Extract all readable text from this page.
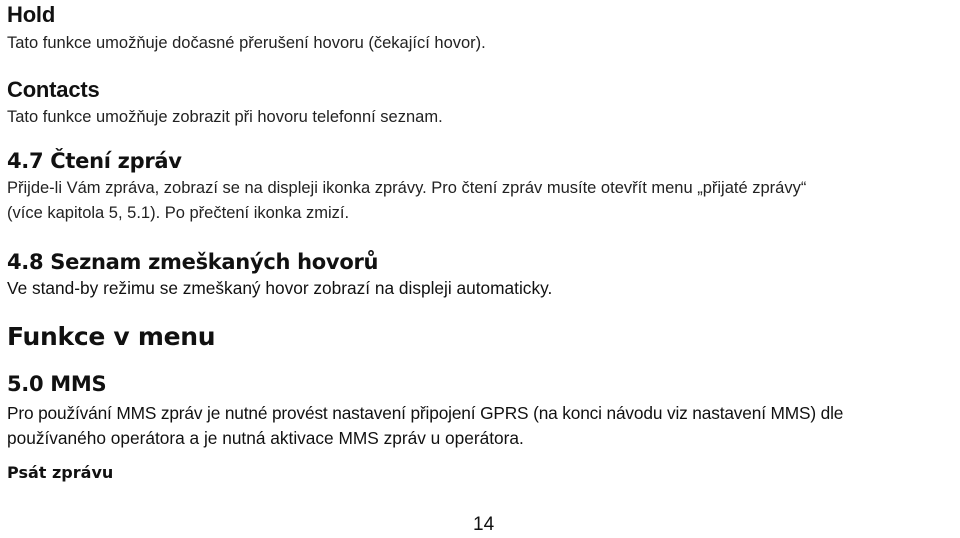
Hold

Tato funkce umožňuje dočasné přerušení hovoru (čekající hovor).

Contacts

Tato funkce umožňuje zobrazit při hovoru telefonní seznam.

4.7 Čtení zpráv

Přijde-li Vám zpráva, zobrazí se na displeji ikonka zprávy. Pro čtení zpráv musíte otevřít menu „přijaté zprávy“

(více kapitola 5, 5.1). Po přečtení ikonka zmizí.

4.8 Seznam zmeškaných hovorů

Ve stand-by režimu se zmeškaný hovor zobrazí na displeji automaticky.

Funkce v menu
5.0 MMS

Pro používání MMS zpráv je nutné provést nastavení připojení GPRS (na konci návodu viz nastavení MMS) dle

používaného operátora a je nutná aktivace MMS zpráv u operátora.

Psát zprávu
14
